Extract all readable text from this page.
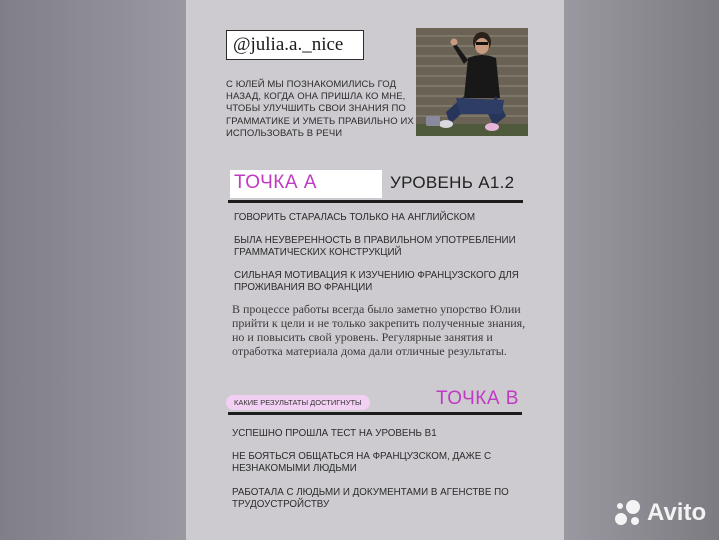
@julia.a._nice
С ЮЛЕЙ МЫ ПОЗНАКОМИЛИСЬ ГОД НАЗАД, КОГДА ОНА ПРИШЛА КО МНЕ, ЧТОБЫ УЛУЧШИТЬ СВОИ ЗНАНИЯ ПО ГРАММАТИКЕ И УМЕТЬ ПРАВИЛЬНО ИХ ИСПОЛЬЗОВАТЬ В РЕЧИ
ТОЧКА А	УРОВЕНЬ А1.2
ГОВОРИТЬ СТАРАЛАСЬ ТОЛЬКО НА АНГЛИЙСКОМ
БЫЛА НЕУВЕРЕННОСТЬ В ПРАВИЛЬНОМ УПОТРЕБЛЕНИИ ГРАММАТИЧЕСКИХ КОНСТРУКЦИЙ
СИЛЬНАЯ МОТИВАЦИЯ К ИЗУЧЕНИЮ ФРАНЦУЗСКОГО ДЛЯ ПРОЖИВАНИЯ ВО ФРАНЦИИ
В процессе работы всегда было заметно упорство Юлии прийти к цели и не только закрепить полученные знания, но и повысить свой уровень. Регулярные занятия и отработка материала дома дали отличные результаты.
КАКИЕ РЕЗУЛЬТАТЫ ДОСТИГНУТЫ	ТОЧКА В
УСПЕШНО ПРОШЛА ТЕСТ НА УРОВЕНЬ В1
НЕ БОЯТЬСЯ ОБЩАТЬСЯ НА ФРАНЦУЗСКОМ, ДАЖЕ С НЕЗНАКОМЫМИ ЛЮДЬМИ
РАБОТАЛА С ЛЮДЬМИ И ДОКУМЕНТАМИ В АГЕНСТВЕ ПО ТРУДОУСТРОЙСТВУ	Avito
